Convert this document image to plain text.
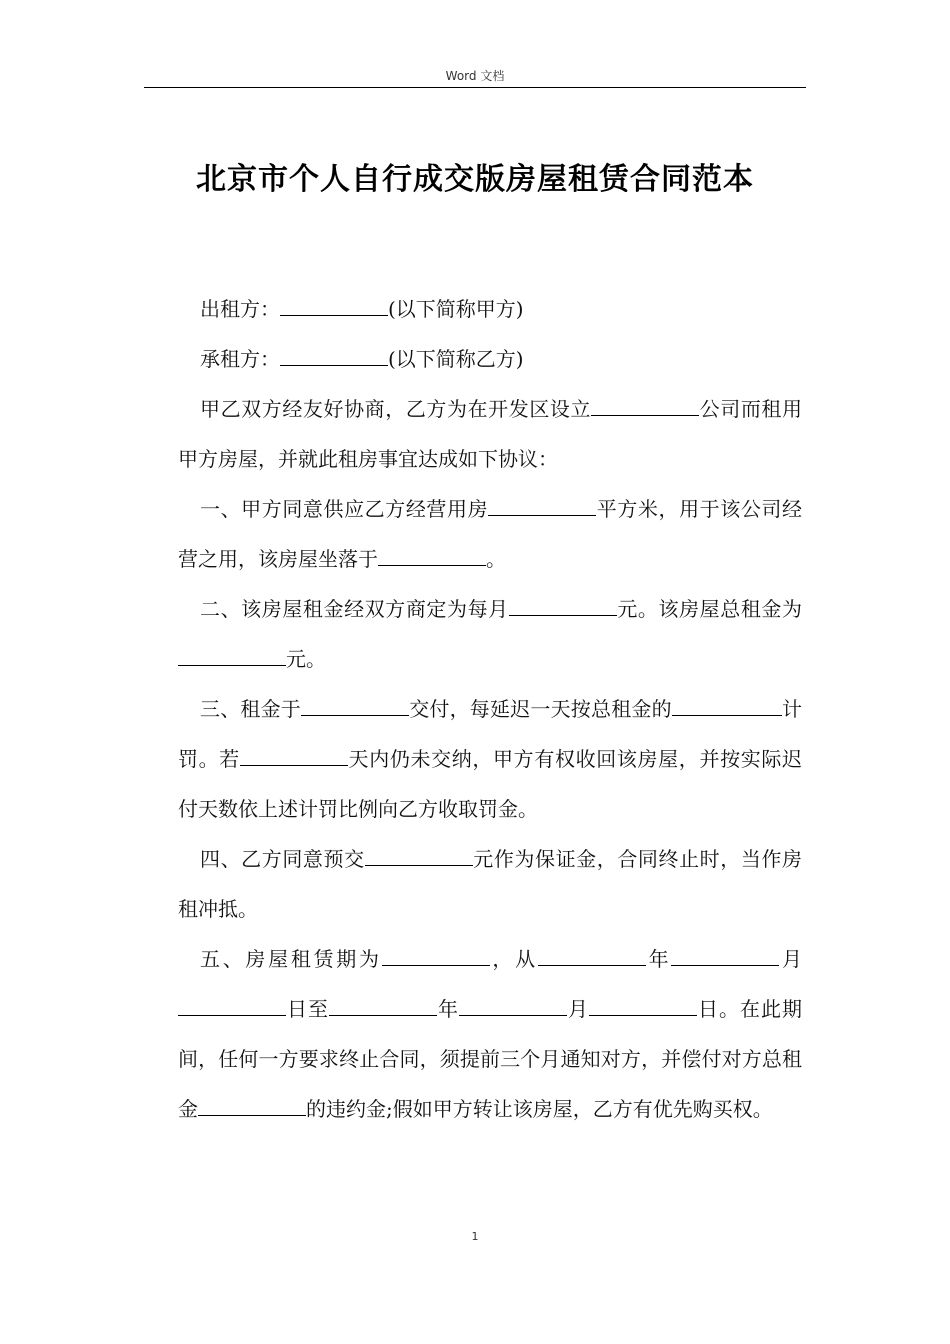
Word 文档
北京市个人自行成交版房屋租赁合同范本

出租方：	(以下简称甲方)

承租方：	(以下简称乙方)

甲乙双方经友好协商，乙方为在开发区设立	公司而租用甲方房屋，并就此租房事宜达成如下协议：

一、甲方同意供应乙方经营用房	平方米，用于该公司经营之用，该房屋坐落于	。

二、该房屋租金经双方商定为每月	元。该房屋总租金为元。

三、租金于	交付，每延迟一天按总租金的	计罚。若	天内仍未交纳，甲方有权收回该房屋，并按实际迟付天数依上述计罚比例向乙方收取罚金。

四、乙方同意预交	元作为保证金，合同终止时，当作房租冲抵。

五、房屋租赁期为	，从	年	月日至	年	月	日。在此期间，任何一方要求终止合同，须提前三个月通知对方，并偿付对方总租金	的违约金;假如甲方转让该房屋，乙方有优先购买权。

1
